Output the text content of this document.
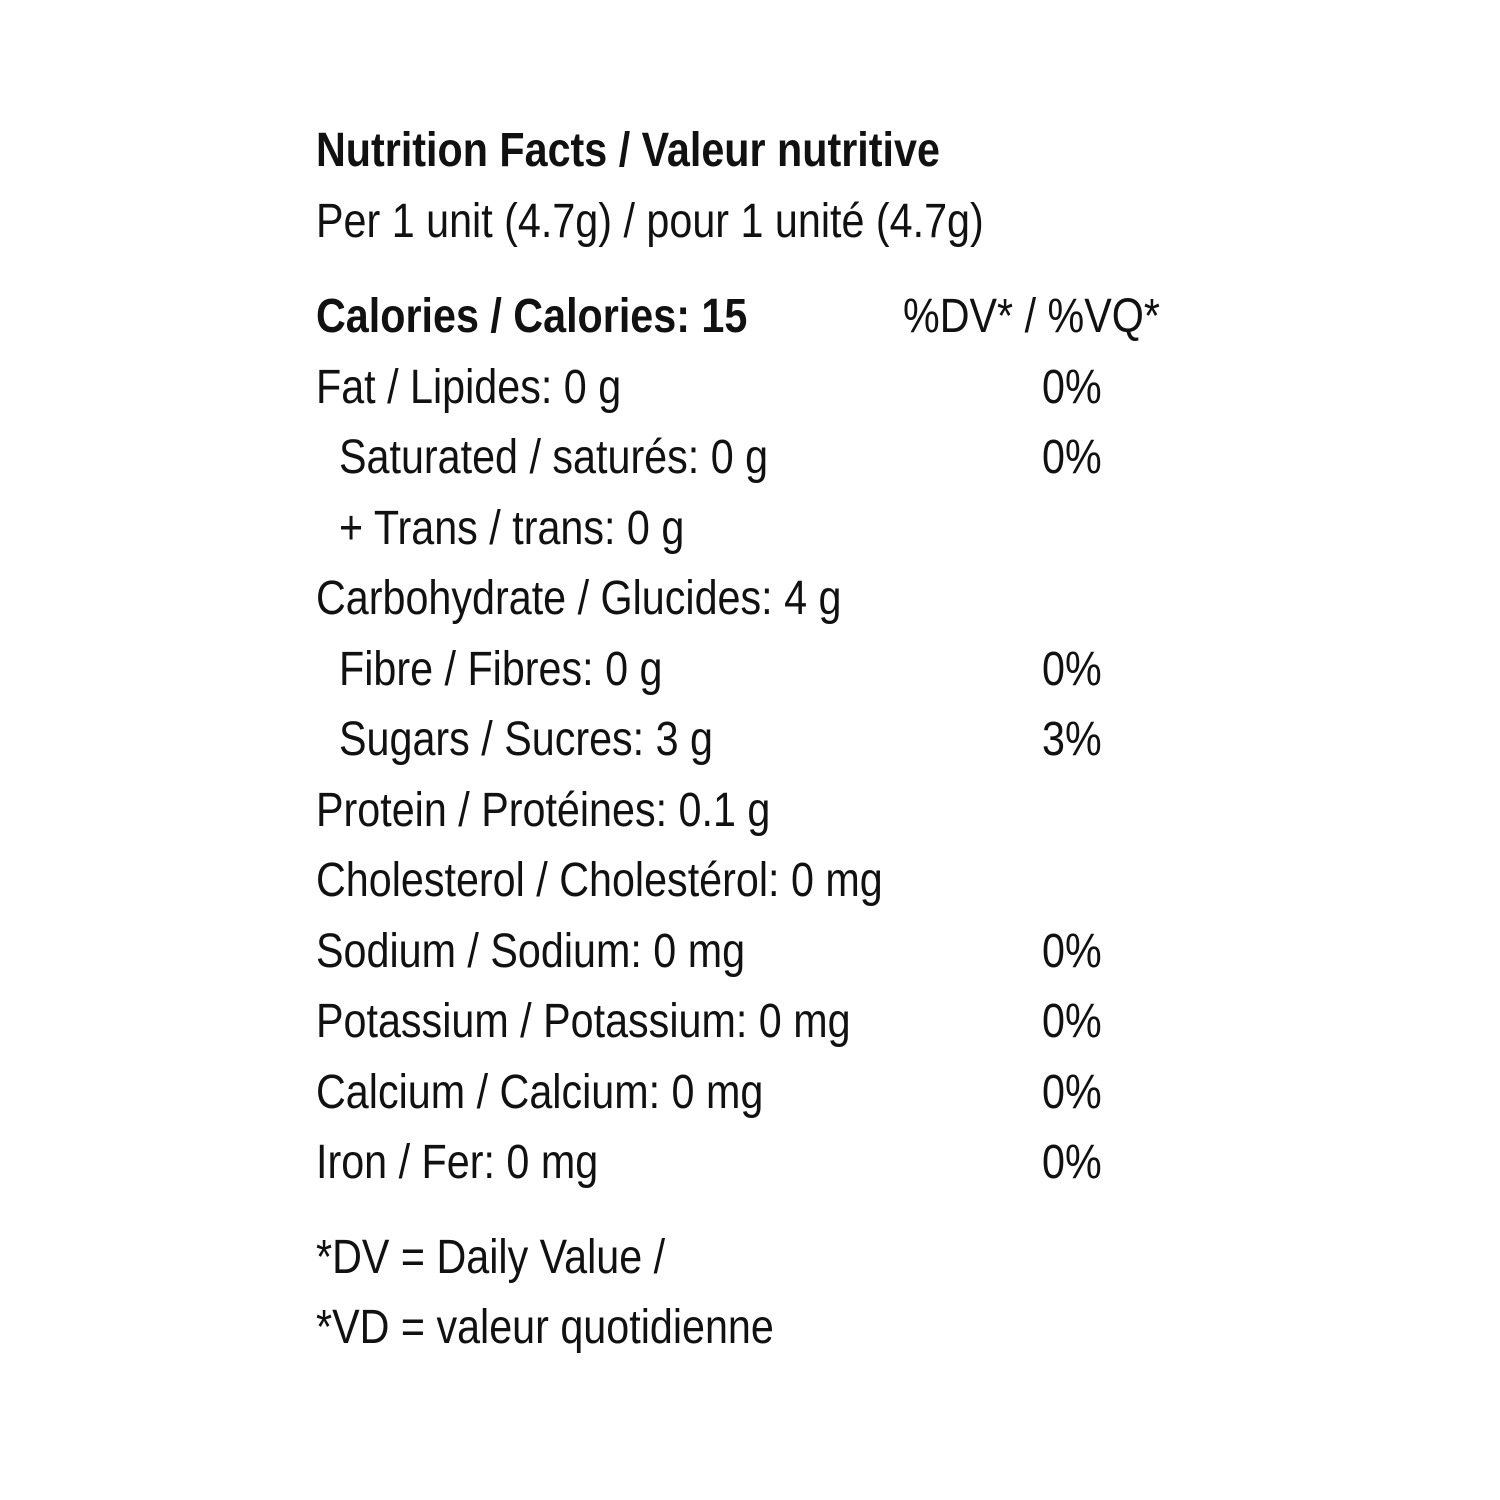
Nutrition Facts / Valeur nutritive
Per 1 unit (4.7g) / pour 1 unité (4.7g)
Calories / Calories: 15	%DV* / %VQ*
Fat / Lipides: 0 g	0%
Saturated / saturés: 0 g	0%
+ Trans / trans: 0 g
Carbohydrate / Glucides: 4 g
Fibre / Fibres: 0 g	0%
Sugars / Sucres: 3 g	3%
Protein / Protéines: 0.1 g
Cholesterol / Cholestérol: 0 mg
Sodium / Sodium: 0 mg	0%
Potassium / Potassium: 0 mg	0%
Calcium / Calcium: 0 mg	0%
Iron / Fer: 0 mg	0%
*DV = Daily Value /
*VD = valeur quotidienne
